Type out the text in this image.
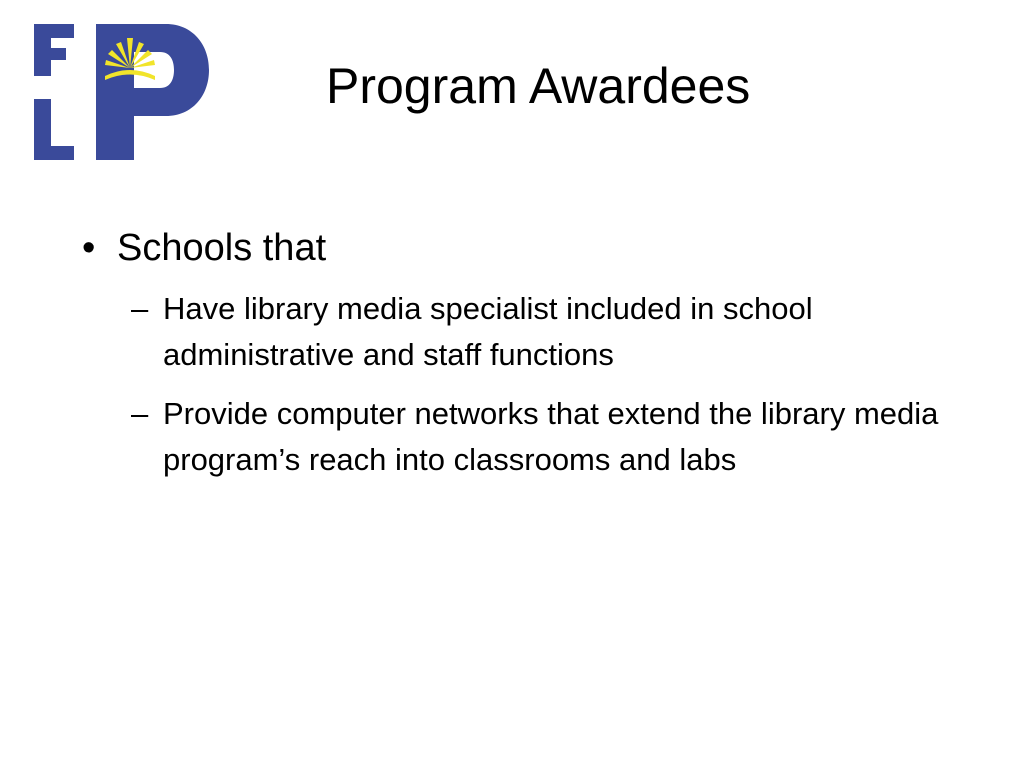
Program Awardees
• Schools that
– Have library media specialist included in school administrative and staff functions
– Provide computer networks that extend the library media program’s reach into classrooms and labs
